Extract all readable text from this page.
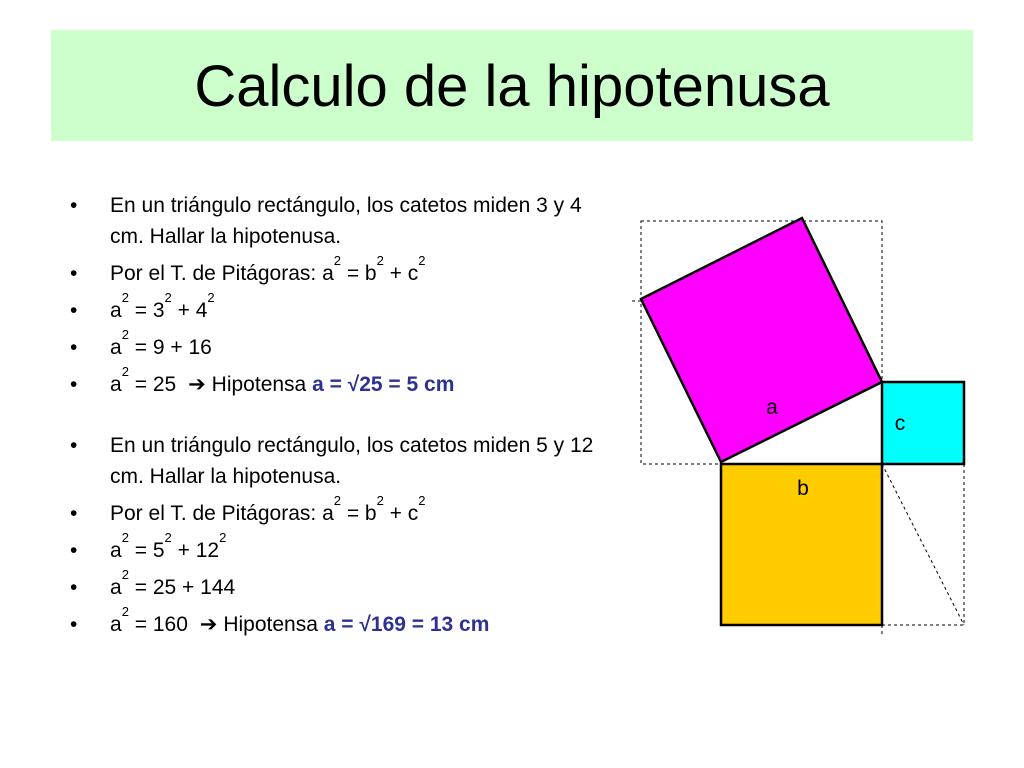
Calculo de la hipotenusa
•	En un triángulo rectángulo, los catetos miden 3 y 4 cm. Hallar la hipotenusa.
•	Por el T. de Pitágoras: $a^2 = b^2 + c^2$
•	$a^2 = 3^2 + 4^2$
•	$a^2 = 9 + 16$
•	$a^2 = 25$ ➔ Hipotensa a = √25 = 5 cm
•	En un triángulo rectángulo, los catetos miden 5 y 12 cm. Hallar la hipotenusa.
•	Por el T. de Pitágoras: $a^2 = b^2 + c^2$
•	$a^2 = 5^2 + 12^2$
•	$a^2 = 25 + 144$
•	$a^2 = 160$ ➔ Hipotensa a = √169 = 13 cm
a
b
c
